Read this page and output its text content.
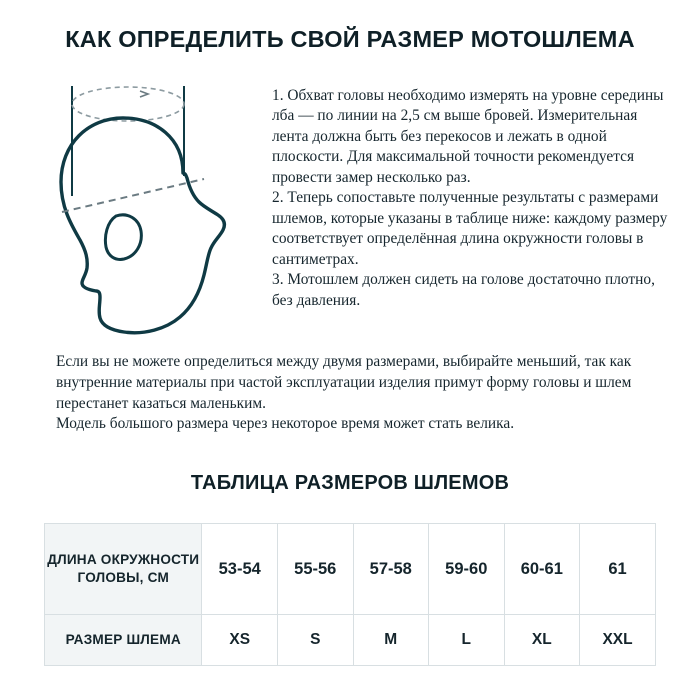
КАК ОПРЕДЕЛИТЬ СВОЙ РАЗМЕР МОТОШЛЕМА

1. Обхват головы необходимо измерять на уровне середины лба — по линии на 2,5 см выше бровей. Измерительная лента должна быть без перекосов и лежать в одной плоскости. Для максимальной точности рекомендуется провести замер несколько раз.

2. Теперь сопоставьте полученные результаты с размерами шлемов, которые указаны в таблице ниже: каждому размеру соответствует определённая длина окружности головы в сантиметрах.

3. Мотошлем должен сидеть на голове достаточно плотно, без давления.

Если вы не можете определиться между двумя размерами, выбирайте меньший, так как внутренние материалы при частой эксплуатации изделия примут форму головы и шлем перестанет казаться маленьким.

Модель большого размера через некоторое время может стать велика.

ТАБЛИЦА РАЗМЕРОВ ШЛЕМОВ
ДЛИНА ОКРУЖНОСТИ ГОЛОВЫ, СМ	53-54	55-56	57-58	59-60	60-61	61
РАЗМЕР ШЛЕМА	XS	S	M	L	XL	XXL
